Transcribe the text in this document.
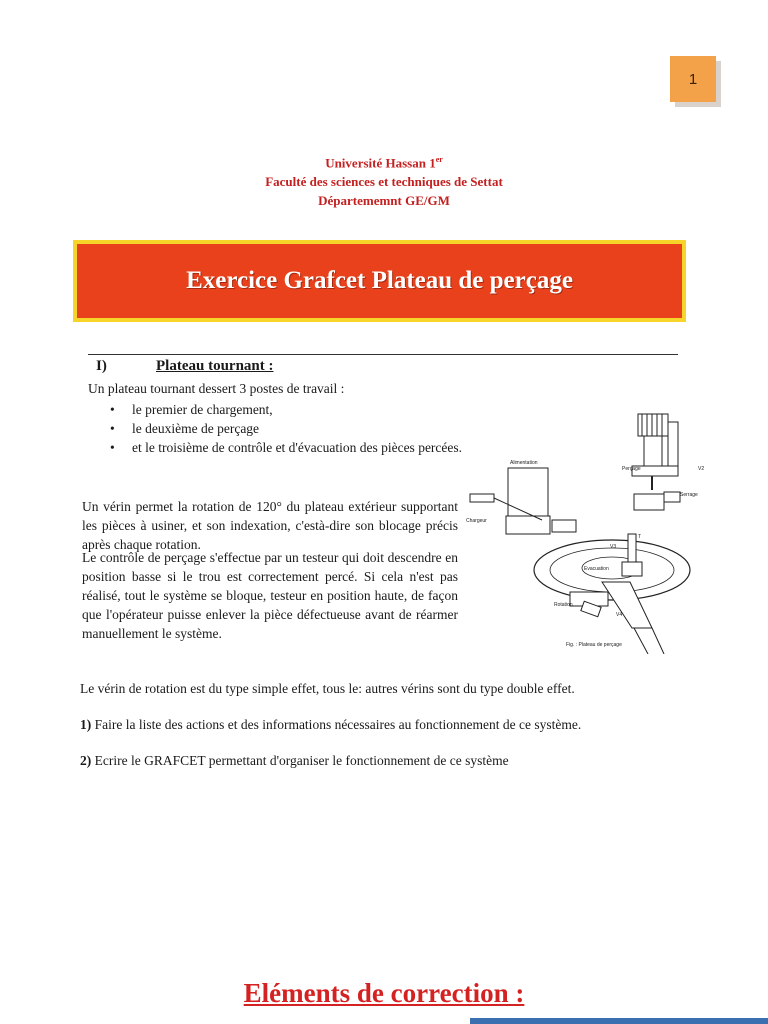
1
Université Hassan 1er
Faculté des sciences et techniques de Settat
Départememnt GE/GM
Exercice Grafcet Plateau de perçage
I)	Plateau tournant :
Un plateau tournant dessert 3 postes de travail :
• le premier de chargement,
• le deuxième de perçage
• et le troisième de contrôle et d'évacuation des pièces percées.

Un vérin permet la rotation de 120° du plateau extérieur supportant les pièces à usiner, et son indexation, c'està-dire son blocage précis après chaque rotation.

Le contrôle de perçage s'effectue par un testeur qui doit descendre en position basse si le trou est correctement percé. Si cela n'est pas réalisé, tout le système se bloque, testeur en position haute, de façon que l'opérateur puisse enlever la pièce défectueuse avant de réarmer manuellement le système.

Alimentation
Perçage	V2
Serrage
Chargeur
T
V3
Evacuation
Rotation
V4
Fig. : Plateau de perçage

Le vérin de rotation est du type simple effet, tous le: autres vérins sont du type double effet.

1) Faire la liste des actions et des informations nécessaires au fonctionnement de ce système.

2) Ecrire le GRAFCET permettant d'organiser le fonctionnement de ce système

Eléments de correction :
